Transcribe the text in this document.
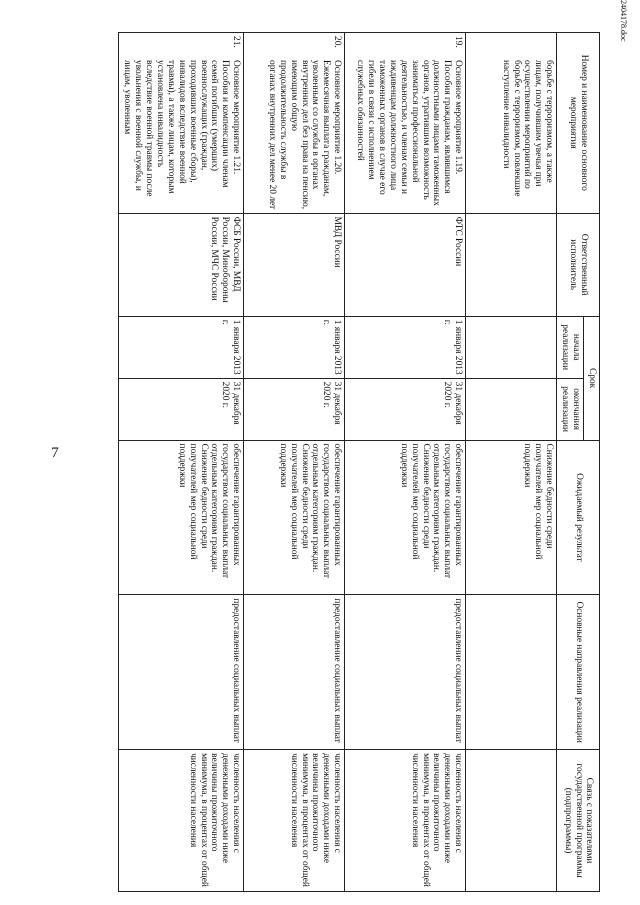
7
2404178.doc
Номер и наименование основного мероприятия	Ответственный исполнитель	Срок		Ожидаемый результат	Основные направления реализации	Связь с показателями государственной программы (подпрограммы)
		начала реализации	окончания реализации			

борьбе с терроризмом, а также лицам, получившим увечья при осуществлении мероприятий по борьбе с терроризмом, повлекшие наступление инвалидности				Снижение бедности среди получателей мер социальной поддержки		

19.
Основное мероприятие 1.19. Пособия гражданам, являвшимся должностными лицами таможенных органов, утратившим возможность заниматься профессиональной деятельностью, и членам семьи и иждивенцам должностного лица таможенных органов в случае его гибели в связи с исполнением служебных обязанностей	ФТС России	1 января 2013 г.	31 декабря 2020 г.	обеспечение гарантированных государством социальных выплат отдельным категориям граждан. Снижение бедности среди получателей мер социальной поддержки	предоставление социальных выплат	численность населения с денежными доходами ниже величины прожиточного минимума, в процентах от общей численности населения

20.
Основное мероприятие 1.20. Ежемесячная выплата гражданам, уволенным со службы в органах внутренних дел без права на пенсию, имеющим общую продолжительность службы в органах внутренних дел менее 20 лет	МВД России	1 января 2013 г.	31 декабря 2020 г.	обеспечение гарантированных государством социальных выплат отдельным категориям граждан. Снижение бедности среди получателей мер социальной поддержки	предоставление социальных выплат	численность населения с денежными доходами ниже величины прожиточного минимума, в процентах от общей численности населения

21.
Основное мероприятие 1.21. Пособия и компенсации членам семей погибших (умерших) военнослужащих (граждан, проходивших военные сборы), инвалидов вследствие военной травмы), а также лицам, которым установлена инвалидность вследствие военной травмы после увольнения с военной службы, и лицам, уволенным	ФСБ России, МВД России, Минобороны России, МЧС России	1 января 2013 г.	31 декабря 2020 г.	обеспечение гарантированных государством социальных выплат отдельным категориям граждан. Снижение бедности среди получателей мер социальной поддержки	предоставление социальных выплат	численность населения с денежными доходами ниже величины прожиточного минимума, в процентах от общей численности населения
